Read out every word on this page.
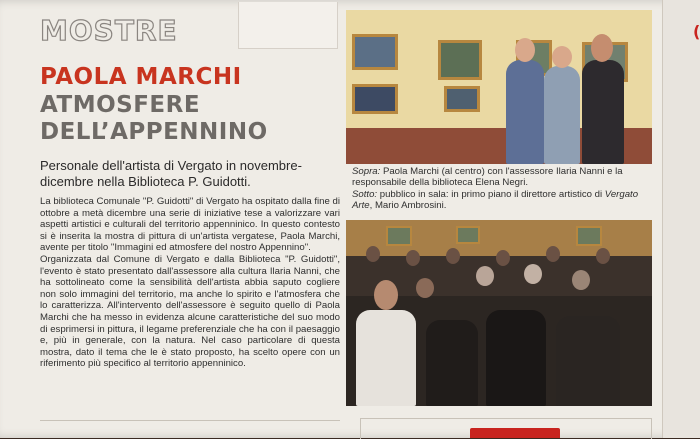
(
MOSTRE
PAOLA MARCHI
ATMOSFERE
DELL’APPENNINO

Personale dell'artista di Vergato in novembre-dicembre nella Biblioteca P. Guidotti.

La biblioteca Comunale "P. Guidotti" di Vergato ha ospitato dalla fine di ottobre a metà dicembre una serie di iniziative tese a valorizzare vari aspetti artistici e culturali del territorio appenninico. In questo contesto si è inserita la mostra di pittura di un'artista vergatese, Paola Marchi, avente per titolo "Immagini ed atmosfere del nostro Appennino".

Organizzata dal Comune di Vergato e dalla Biblioteca "P. Guidotti", l'evento è stato presentato dall'assessore alla cultura Ilaria Nanni, che ha sottolineato come la sensibilità dell'artista abbia saputo cogliere non solo immagini del territorio, ma anche lo spirito e l'atmosfera che lo caratterizza. All'intervento dell'assessore è seguito quello di Paola Marchi che ha messo in evidenza alcune caratteristiche del suo modo di esprimersi in pittura, il legame preferenziale che ha con il paesaggio e, più in generale, con la natura. Nel caso particolare di questa mostra, dato il tema che le è stato proposto, ha scelto opere con un riferimento più specifico al territorio appenninico.

Sopra: Paola Marchi (al centro) con l'assessore Ilaria Nanni e la responsabile della biblioteca Elena Negri.

Sotto: pubblico in sala: in primo piano il direttore artistico di Vergato Arte, Mario Ambrosini.
